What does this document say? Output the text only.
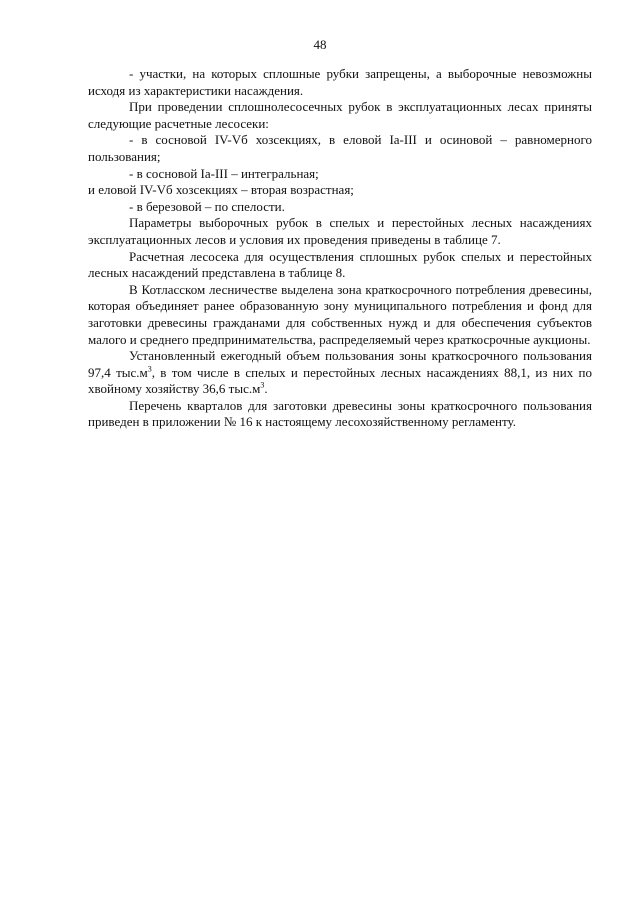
48

- участки, на которых сплошные рубки запрещены, а выборочные невозможны исходя из характеристики насаждения.

При проведении сплошнолесосечных рубок в эксплуатационных лесах приняты следующие расчетные лесосеки:

- в сосновой IV-Vб хозсекциях, в еловой Ia-III и осиновой – равномерного пользования;

- в сосновой Ia-III – интегральная;

и еловой IV-Vб хозсекциях – вторая возрастная;

- в березовой – по спелости.

Параметры выборочных рубок в спелых и перестойных лесных насаждениях эксплуатационных лесов и условия их проведения приведены в таблице 7.

Расчетная лесосека для осуществления сплошных рубок спелых и перестойных лесных насаждений представлена в таблице 8.

В Котласском лесничестве выделена зона краткосрочного потребления древесины, которая объединяет ранее образованную зону муниципального потребления и фонд для заготовки древесины гражданами для собственных нужд и для обеспечения субъектов малого и среднего предпринимательства, распределяемый через краткосрочные аукционы.

Установленный ежегодный объем пользования зоны краткосрочного пользования 97,4 $тыс.м^3$, в том числе в спелых и перестойных лесных насаждениях 88,1, из них по хвойному хозяйству 36,6 $тыс.м^3$.

Перечень кварталов для заготовки древесины зоны краткосрочного пользования приведен в приложении № 16 к настоящему лесохозяйственному регламенту.
